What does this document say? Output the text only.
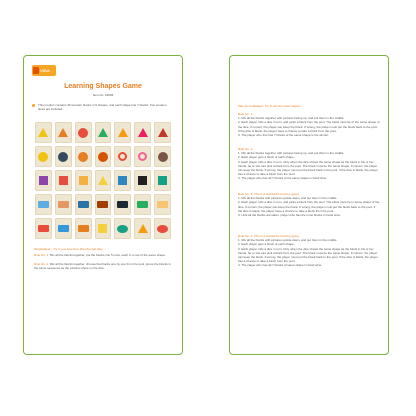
VIGA
Learning Shapes Game
Item No. 44506
This product contains 35 wooden blocks in 5 shapes, and each shape has 7 blocks. Two wooden dices are included.
Singleplayer - Try to use less time than the last play
Rule No. 1: Mix all the blocks together, put the blocks into 5 rows, each in a row of the same shape.
Rule No. 2: Mix all the blocks together, choose the blocks one by one from the pool, group the blocks in the same sequence as the pictures show on the dice.
Play by multiplayer: Try to win the other players
Rule No. 1:
1. Mix all the blocks together with pictures facing up, and put them in the middle.
2. Each player rolls a dice in turn, and picks a block from the pool. The block must be of the same shape of the dice. If correct, the player can keep the block. If wrong, the player must put the block back to the pool. If the dice is blank, the player have a chance to take a block from the pool.
3. The player who first has 7 blocks of the same shape is the winner.
Rule No. 2:
1. Mix all the blocks together with pictures facing up, and put them in the middle.
2. Each player gets a block of each shape.
3. Each player rolls a dice in turn. Only when the dice shows the same shape as the block in his or her hands, he or she can pick a block from the pool. The block must be the same shape. If correct, the player can keep the block. If wrong, the player must put the block back in the pool. If the dice is blank, the player has a chance to take a block from the pool.
4. The player who has all 7 blocks of the same shape in hand wins.
Rule No. 3: This is a wonderful memory game.
1. Mix all the blocks with pictures upside down, and put them in the middle.
2. Each player rolls a dice in turn, and picks a block from the pool. The block must be in same shape of the dice. If correct, the player can keep the block. If wrong, the player must put the block back to the pool. If the dice is blank, the player have a chance to take a block from the pool.
3. Until all the blocks are taken, player who has the most blocks in hand wins.
Rule No. 4: This is a wonderful memory game.
1. Mix all the blocks with pictures upside down, and put them in the middle.
2. Each player gets a block of each shape.
3. Each player rolls a dice in turn. Only when the dice shows the same shape as the block in his or her hands, he or she can pick a block from the pool. The block must be the same shape. If correct, the player can keep the block. If wrong, the player must put the block back to the pool. If the dice is blank, the player has a chance to take a block from the pool.
4. The player who has all 7 blocks of same shape in hand wins.
